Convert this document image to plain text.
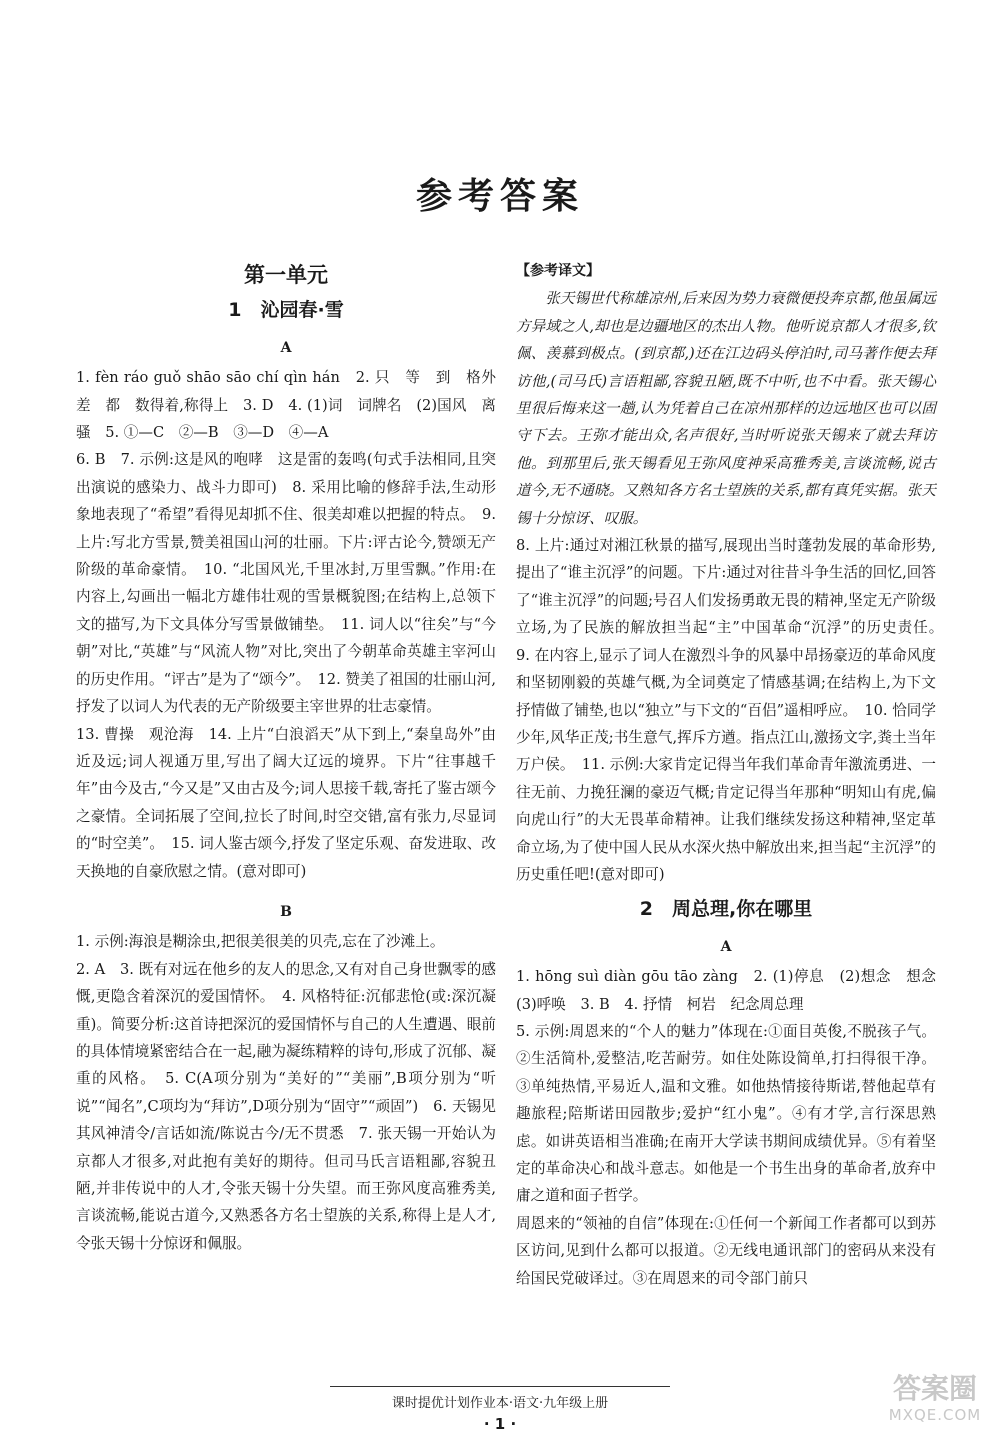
参考答案
第一单元
1　沁园春·雪
A

1. fèn ráo guǒ shāo sāo chí qìn hán　2. 只　等　到　格外　差　都　数得着,称得上　3. D　4. (1)词　词牌名　(2)国风　离骚　5. ①—C　②—B　③—D　④—A

6. B　7. 示例:这是风的咆哮　这是雷的轰鸣(句式手法相同,且突出演说的感染力、战斗力即可)　8. 采用比喻的修辞手法,生动形象地表现了“希望”看得见却抓不住、很美却难以把握的特点。　9. 上片:写北方雪景,赞美祖国山河的壮丽。下片:评古论今,赞颂无产阶级的革命豪情。　10. “北国风光,千里冰封,万里雪飘。”作用:在内容上,勾画出一幅北方雄伟壮观的雪景概貌图;在结构上,总领下文的描写,为下文具体分写雪景做铺垫。　11. 词人以“往矣”与“今朝”对比,“英雄”与“风流人物”对比,突出了今朝革命英雄主宰河山的历史作用。“评古”是为了“颂今”。　12. 赞美了祖国的壮丽山河,抒发了以词人为代表的无产阶级要主宰世界的壮志豪情。

13. 曹操　观沧海　14. 上片“白浪滔天”从下到上,“秦皇岛外”由近及远;词人视通万里,写出了阔大辽远的境界。下片“往事越千年”由今及古,“今又是”又由古及今;词人思接千载,寄托了鉴古颂今之豪情。全词拓展了空间,拉长了时间,时空交错,富有张力,尽显词的“时空美”。　15. 词人鉴古颂今,抒发了坚定乐观、奋发进取、改天换地的自豪欣慰之情。(意对即可)

B

1. 示例:海浪是糊涂虫,把很美很美的贝壳,忘在了沙滩上。

2. A　3. 既有对远在他乡的友人的思念,又有对自己身世飘零的感慨,更隐含着深沉的爱国情怀。　4. 风格特征:沉郁悲怆(或:深沉凝重)。简要分析:这首诗把深沉的爱国情怀与自己的人生遭遇、眼前的具体情境紧密结合在一起,融为凝练精粹的诗句,形成了沉郁、凝重的风格。　5. C(A项分别为“美好的”“美丽”,B项分别为“听说”“闻名”,C项均为“拜访”,D项分别为“固守”“顽固”)　6. 天锡见其风神清令/言话如流/陈说古今/无不贯悉　7. 张天锡一开始认为京都人才很多,对此抱有美好的期待。但司马氏言语粗鄙,容貌丑陋,并非传说中的人才,令张天锡十分失望。而王弥风度高雅秀美,言谈流畅,能说古道今,又熟悉各方名士望族的关系,称得上是人才,令张天锡十分惊讶和佩服。

【参考译文】

张天锡世代称雄凉州,后来因为势力衰微便投奔京都,他虽属远方异域之人,却也是边疆地区的杰出人物。他听说京都人才很多,钦佩、羡慕到极点。(到京都,)还在江边码头停泊时,司马著作便去拜访他,(司马氏)言语粗鄙,容貌丑陋,既不中听,也不中看。张天锡心里很后悔来这一趟,认为凭着自己在凉州那样的边远地区也可以固守下去。王弥才能出众,名声很好,当时听说张天锡来了就去拜访他。到那里后,张天锡看见王弥风度神采高雅秀美,言谈流畅,说古道今,无不通晓。又熟知各方名士望族的关系,都有真凭实据。张天锡十分惊讶、叹服。

8. 上片:通过对湘江秋景的描写,展现出当时蓬勃发展的革命形势,提出了“谁主沉浮”的问题。下片:通过对往昔斗争生活的回忆,回答了“谁主沉浮”的问题;号召人们发扬勇敢无畏的精神,坚定无产阶级立场,为了民族的解放担当起“主”中国革命“沉浮”的历史责任。　9. 在内容上,显示了词人在激烈斗争的风暴中昂扬豪迈的革命风度和坚韧刚毅的英雄气概,为全词奠定了情感基调;在结构上,为下文抒情做了铺垫,也以“独立”与下文的“百侣”遥相呼应。　10. 恰同学少年,风华正茂;书生意气,挥斥方遒。指点江山,激扬文字,粪土当年万户侯。　11. 示例:大家肯定记得当年我们革命青年激流勇进、一往无前、力挽狂澜的豪迈气概;肯定记得当年那种“明知山有虎,偏向虎山行”的大无畏革命精神。让我们继续发扬这种精神,坚定革命立场,为了使中国人民从水深火热中解放出来,担当起“主沉浮”的历史重任吧!(意对即可)

2　周总理,你在哪里
A

1. hōng suì diàn gōu tāo zàng　2. (1)停息　(2)想念　想念　(3)呼唤　3. B　4. 抒情　柯岩　纪念周总理

5. 示例:周恩来的“个人的魅力”体现在:①面目英俊,不脱孩子气。②生活简朴,爱整洁,吃苦耐劳。如住处陈设简单,打扫得很干净。③单纯热情,平易近人,温和文雅。如他热情接待斯诺,替他起草有趣旅程;陪斯诺田园散步;爱护“红小鬼”。④有才学,言行深思熟虑。如讲英语相当准确;在南开大学读书期间成绩优异。⑤有着坚定的革命决心和战斗意志。如他是一个书生出身的革命者,放弃中庸之道和面子哲学。

周恩来的“领袖的自信”体现在:①任何一个新闻工作者都可以到苏区访问,见到什么都可以报道。②无线电通讯部门的密码从来没有给国民党破译过。③在周恩来的司令部门前只

课时提优计划作业本·语文·九年级上册
· 1 ·
答案圈
MXQE.COM
